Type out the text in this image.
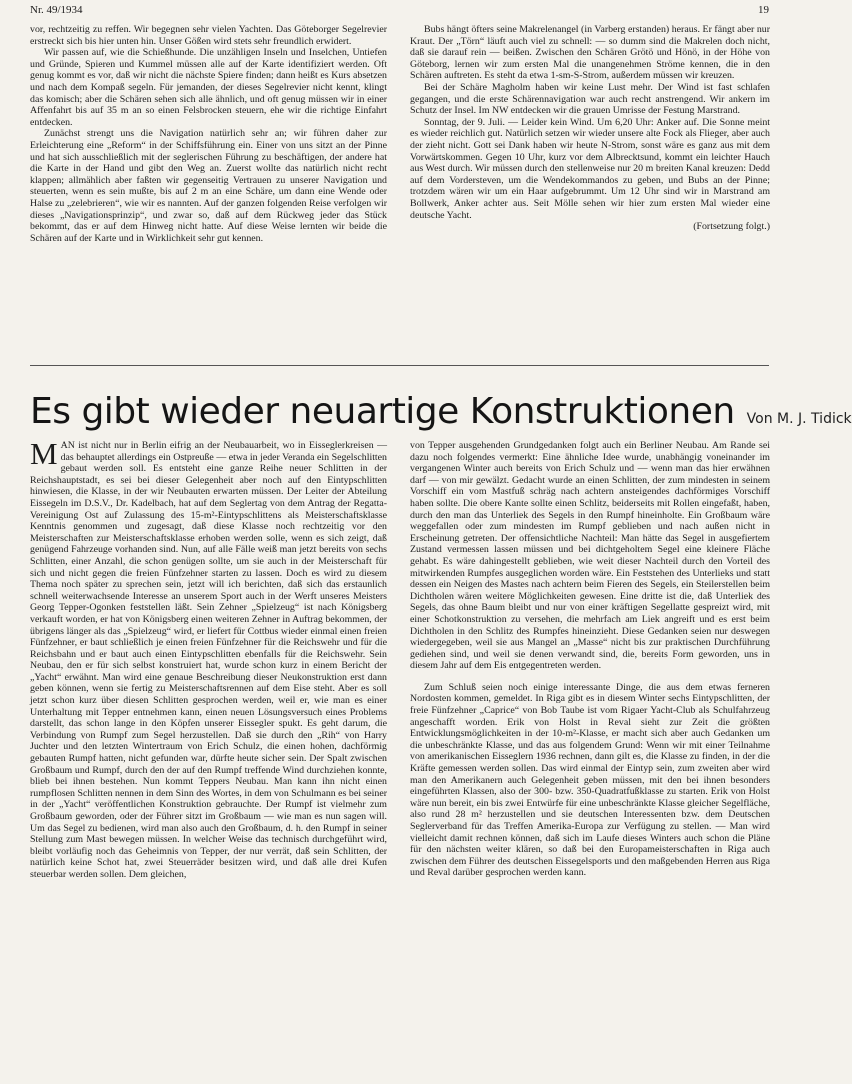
Nr. 49/1934	19

vor, rechtzeitig zu reffen. Wir begegnen sehr vielen Yachten. Das Göteborger Segelrevier erstreckt sich bis hier unten hin. Unser Gößen wird stets sehr freundlich erwidert.

Wir passen auf, wie die Schießhunde. Die unzähligen Inseln und Inselchen, Untiefen und Gründe, Spieren und Kummel müssen alle auf der Karte identifiziert werden. Oft genug kommt es vor, daß wir nicht die nächste Spiere finden; dann heißt es Kurs absetzen und nach dem Kompaß segeln. Für jemanden, der dieses Segelrevier nicht kennt, klingt das komisch; aber die Schären sehen sich alle ähnlich, und oft genug müssen wir in einer Affenfahrt bis auf 35 m an so einen Felsbrocken steuern, ehe wir die richtige Einfahrt entdecken.

Zunächst strengt uns die Navigation natürlich sehr an; wir führen daher zur Erleichterung eine „Reform“ in der Schiffsführung ein. Einer von uns sitzt an der Pinne und hat sich ausschließlich mit der seglerischen Führung zu beschäftigen, der andere hat die Karte in der Hand und gibt den Weg an. Zuerst wollte das natürlich nicht recht klappen; allmählich aber faßten wir gegenseitig Vertrauen zu unserer Navigation und steuerten, wenn es sein mußte, bis auf 2 m an eine Schäre, um dann eine Wende oder Halse zu „zelebrieren“, wie wir es nannten. Auf der ganzen folgenden Reise verfolgen wir dieses „Navigationsprinzip“, und zwar so, daß auf dem Rückweg jeder das Stück bekommt, das er auf dem Hinweg nicht hatte. Auf diese Weise lernten wir beide die Schären auf der Karte und in Wirklichkeit sehr gut kennen.

Bubs hängt öfters seine Makrelenangel (in Varberg erstanden) heraus. Er fängt aber nur Kraut. Der „Törn“ läuft auch viel zu schnell: — so dumm sind die Makrelen doch nicht, daß sie darauf rein — beißen. Zwischen den Schären Grötö und Hönö, in der Höhe von Göteborg, lernen wir zum ersten Mal die unangenehmen Ströme kennen, die in den Schären auftreten. Es steht da etwa 1-sm-S-Strom, außerdem müssen wir kreuzen.

Bei der Schäre Magholm haben wir keine Lust mehr. Der Wind ist fast schlafen gegangen, und die erste Schärennavigation war auch recht anstrengend. Wir ankern im Schutz der Insel. Im NW entdecken wir die grauen Umrisse der Festung Marstrand.

Sonntag, der 9. Juli. — Leider kein Wind. Um 6,20 Uhr: Anker auf. Die Sonne meint es wieder reichlich gut. Natürlich setzen wir wieder unsere alte Fock als Flieger, aber auch der zieht nicht. Gott sei Dank haben wir heute N-Strom, sonst wäre es ganz aus mit dem Vorwärtskommen. Gegen 10 Uhr, kurz vor dem Albrecktsund, kommt ein leichter Hauch aus West durch. Wir müssen durch den stellenweise nur 20 m breiten Kanal kreuzen: Dedd auf dem Vordersteven, um die Wendekommandos zu geben, und Bubs an der Pinne; trotzdem wären wir um ein Haar aufgebrummt. Um 12 Uhr sind wir in Marstrand am Bollwerk, Anker achter aus. Seit Mölle sehen wir hier zum ersten Mal wieder eine deutsche Yacht.

(Fortsetzung folgt.)

Es gibt wieder neuartige Konstruktionen Von M. J. Tidick

MAN ist nicht nur in Berlin eifrig an der Neubauarbeit, wo in Eisseglerkreisen — das behauptet allerdings ein Ostpreuße — etwa in jeder Veranda ein Segelschlitten gebaut werden soll. Es entsteht eine ganze Reihe neuer Schlitten in der Reichshauptstadt, es sei bei dieser Gelegenheit aber noch auf den Eintypschlitten hinwiesen, die Klasse, in der wir Neubauten erwarten müssen. Der Leiter der Abteilung Eissegeln im D.S.V., Dr. Kadelbach, hat auf dem Seglertag von dem Antrag der Regatta-Vereinigung Ost auf Zulassung des 15-m²-Eintypschlittens als Meisterschaftsklasse Kenntnis genommen und zugesagt, daß diese Klasse noch rechtzeitig vor den Meisterschaften zur Meisterschaftsklasse erhoben werden solle, wenn es sich zeigt, daß genügend Fahrzeuge vorhanden sind. Nun, auf alle Fälle weiß man jetzt bereits von sechs Schlitten, einer Anzahl, die schon genügen sollte, um sie auch in der Meisterschaft für sich und nicht gegen die freien Fünfzehner starten zu lassen. Doch es wird zu diesem Thema noch später zu sprechen sein, jetzt will ich berichten, daß sich das erstaunlich schnell weiterwachsende Interesse an unserem Sport auch in der Werft unseres Meisters Georg Tepper-Ogonken feststellen läßt. Sein Zehner „Spielzeug“ ist nach Königsberg verkauft worden, er hat von Königsberg einen weiteren Zehner in Auftrag bekommen, der übrigens länger als das „Spielzeug“ wird, er liefert für Cottbus wieder einmal einen freien Fünfzehner, er baut schließlich je einen freien Fünfzehner für die Reichswehr und für die Reichsbahn und er baut auch einen Eintypschlitten ebenfalls für die Reichswehr. Sein Neubau, den er für sich selbst konstruiert hat, wurde schon kurz in einem Bericht der „Yacht“ erwähnt. Man wird eine genaue Beschreibung dieser Neukonstruktion erst dann geben können, wenn sie fertig zu Meisterschaftsrennen auf dem Eise steht. Aber es soll jetzt schon kurz über diesen Schlitten gesprochen werden, weil er, wie man es einer Unterhaltung mit Tepper entnehmen kann, einen neuen Lösungsversuch eines Problems darstellt, das schon lange in den Köpfen unserer Eissegler spukt. Es geht darum, die Verbindung von Rumpf zum Segel herzustellen. Daß sie durch den „Rih“ von Harry Juchter und den letzten Wintertraum von Erich Schulz, die einen hohen, dachförmig gebauten Rumpf hatten, nicht gefunden war, dürfte heute sicher sein. Der Spalt zwischen Großbaum und Rumpf, durch den der auf den Rumpf treffende Wind durchziehen konnte, blieb bei ihnen bestehen. Nun kommt Teppers Neubau. Man kann ihn nicht einen rumpflosen Schlitten nennen in dem Sinn des Wortes, in dem von Schulmann es bei seiner in der „Yacht“ veröffentlichen Konstruktion gebrauchte. Der Rumpf ist vielmehr zum Großbaum geworden, oder der Führer sitzt im Großbaum — wie man es nun sagen will. Um das Segel zu bedienen, wird man also auch den Großbaum, d. h. den Rumpf in seiner Stellung zum Mast bewegen müssen. In welcher Weise das technisch durchgeführt wird, bleibt vorläufig noch das Geheimnis von Tepper, der nur verrät, daß sein Schlitten, der natürlich keine Schot hat, zwei Steuerräder besitzen wird, und daß alle drei Kufen steuerbar werden sollen. Dem gleichen,

von Tepper ausgehenden Grundgedanken folgt auch ein Berliner Neubau. Am Rande sei dazu noch folgendes vermerkt: Eine ähnliche Idee wurde, unabhängig voneinander im vergangenen Winter auch bereits von Erich Schulz und — wenn man das hier erwähnen darf — von mir gewälzt. Gedacht wurde an einen Schlitten, der zum mindesten in seinem Vorschiff ein vom Mastfuß schräg nach achtern ansteigendes dachförmiges Vorschiff haben sollte. Die obere Kante sollte einen Schlitz, beiderseits mit Rollen eingefaßt, haben, durch den man das Unterliek des Segels in den Rumpf hineinholte. Ein Großbaum wäre weggefallen oder zum mindesten im Rumpf geblieben und nach außen nicht in Erscheinung getreten. Der offensichtliche Nachteil: Man hätte das Segel in ausgefiertem Zustand vermessen lassen müssen und bei dichtgeholtem Segel eine kleinere Fläche gehabt. Es wäre dahingestellt geblieben, wie weit dieser Nachteil durch den Vorteil des mitwirkenden Rumpfes ausgeglichen worden wäre. Ein Feststehen des Unterlieks und statt dessen ein Neigen des Mastes nach achtern beim Fieren des Segels, ein Steilerstellen beim Dichtholen wären weitere Möglichkeiten gewesen. Eine dritte ist die, daß Unterliek des Segels, das ohne Baum bleibt und nur von einer kräftigen Segellatte gespreizt wird, mit einer Schotkonstruktion zu versehen, die mehrfach am Liek angreift und es erst beim Dichtholen in den Schlitz des Rumpfes hineinzieht. Diese Gedanken seien nur deswegen wiedergegeben, weil sie aus Mangel an „Masse“ nicht bis zur praktischen Durchführung gediehen sind, und weil sie denen verwandt sind, die, bereits Form geworden, uns in diesem Jahr auf dem Eis entgegentreten werden.

Zum Schluß seien noch einige interessante Dinge, die aus dem etwas ferneren Nordosten kommen, gemeldet. In Riga gibt es in diesem Winter sechs Eintypschlitten, der freie Fünfzehner „Caprice“ von Bob Taube ist vom Rigaer Yacht-Club als Schulfahrzeug angeschafft worden. Erik von Holst in Reval sieht zur Zeit die größten Entwicklungsmöglichkeiten in der 10-m²-Klasse, er macht sich aber auch Gedanken um die unbeschränkte Klasse, und das aus folgendem Grund: Wenn wir mit einer Teilnahme von amerikanischen Eisseglern 1936 rechnen, dann gilt es, die Klasse zu finden, in der die Kräfte gemessen werden sollen. Das wird einmal der Eintyp sein, zum zweiten aber wird man den Amerikanern auch Gelegenheit geben müssen, mit den bei ihnen besonders eingeführten Klassen, also der 300- bzw. 350-Quadratfußklasse zu starten. Erik von Holst wäre nun bereit, ein bis zwei Entwürfe für eine unbeschränkte Klasse gleicher Segelfläche, also rund 28 m² herzustellen und sie deutschen Interessenten bzw. dem Deutschen Seglerverband für das Treffen Amerika-Europa zur Verfügung zu stellen. — Man wird vielleicht damit rechnen können, daß sich im Laufe dieses Winters auch schon die Pläne für den nächsten weiter klären, so daß bei den Europameisterschaften in Riga auch zwischen dem Führer des deutschen Eissegelsports und den maßgebenden Herren aus Riga und Reval darüber gesprochen werden kann.
